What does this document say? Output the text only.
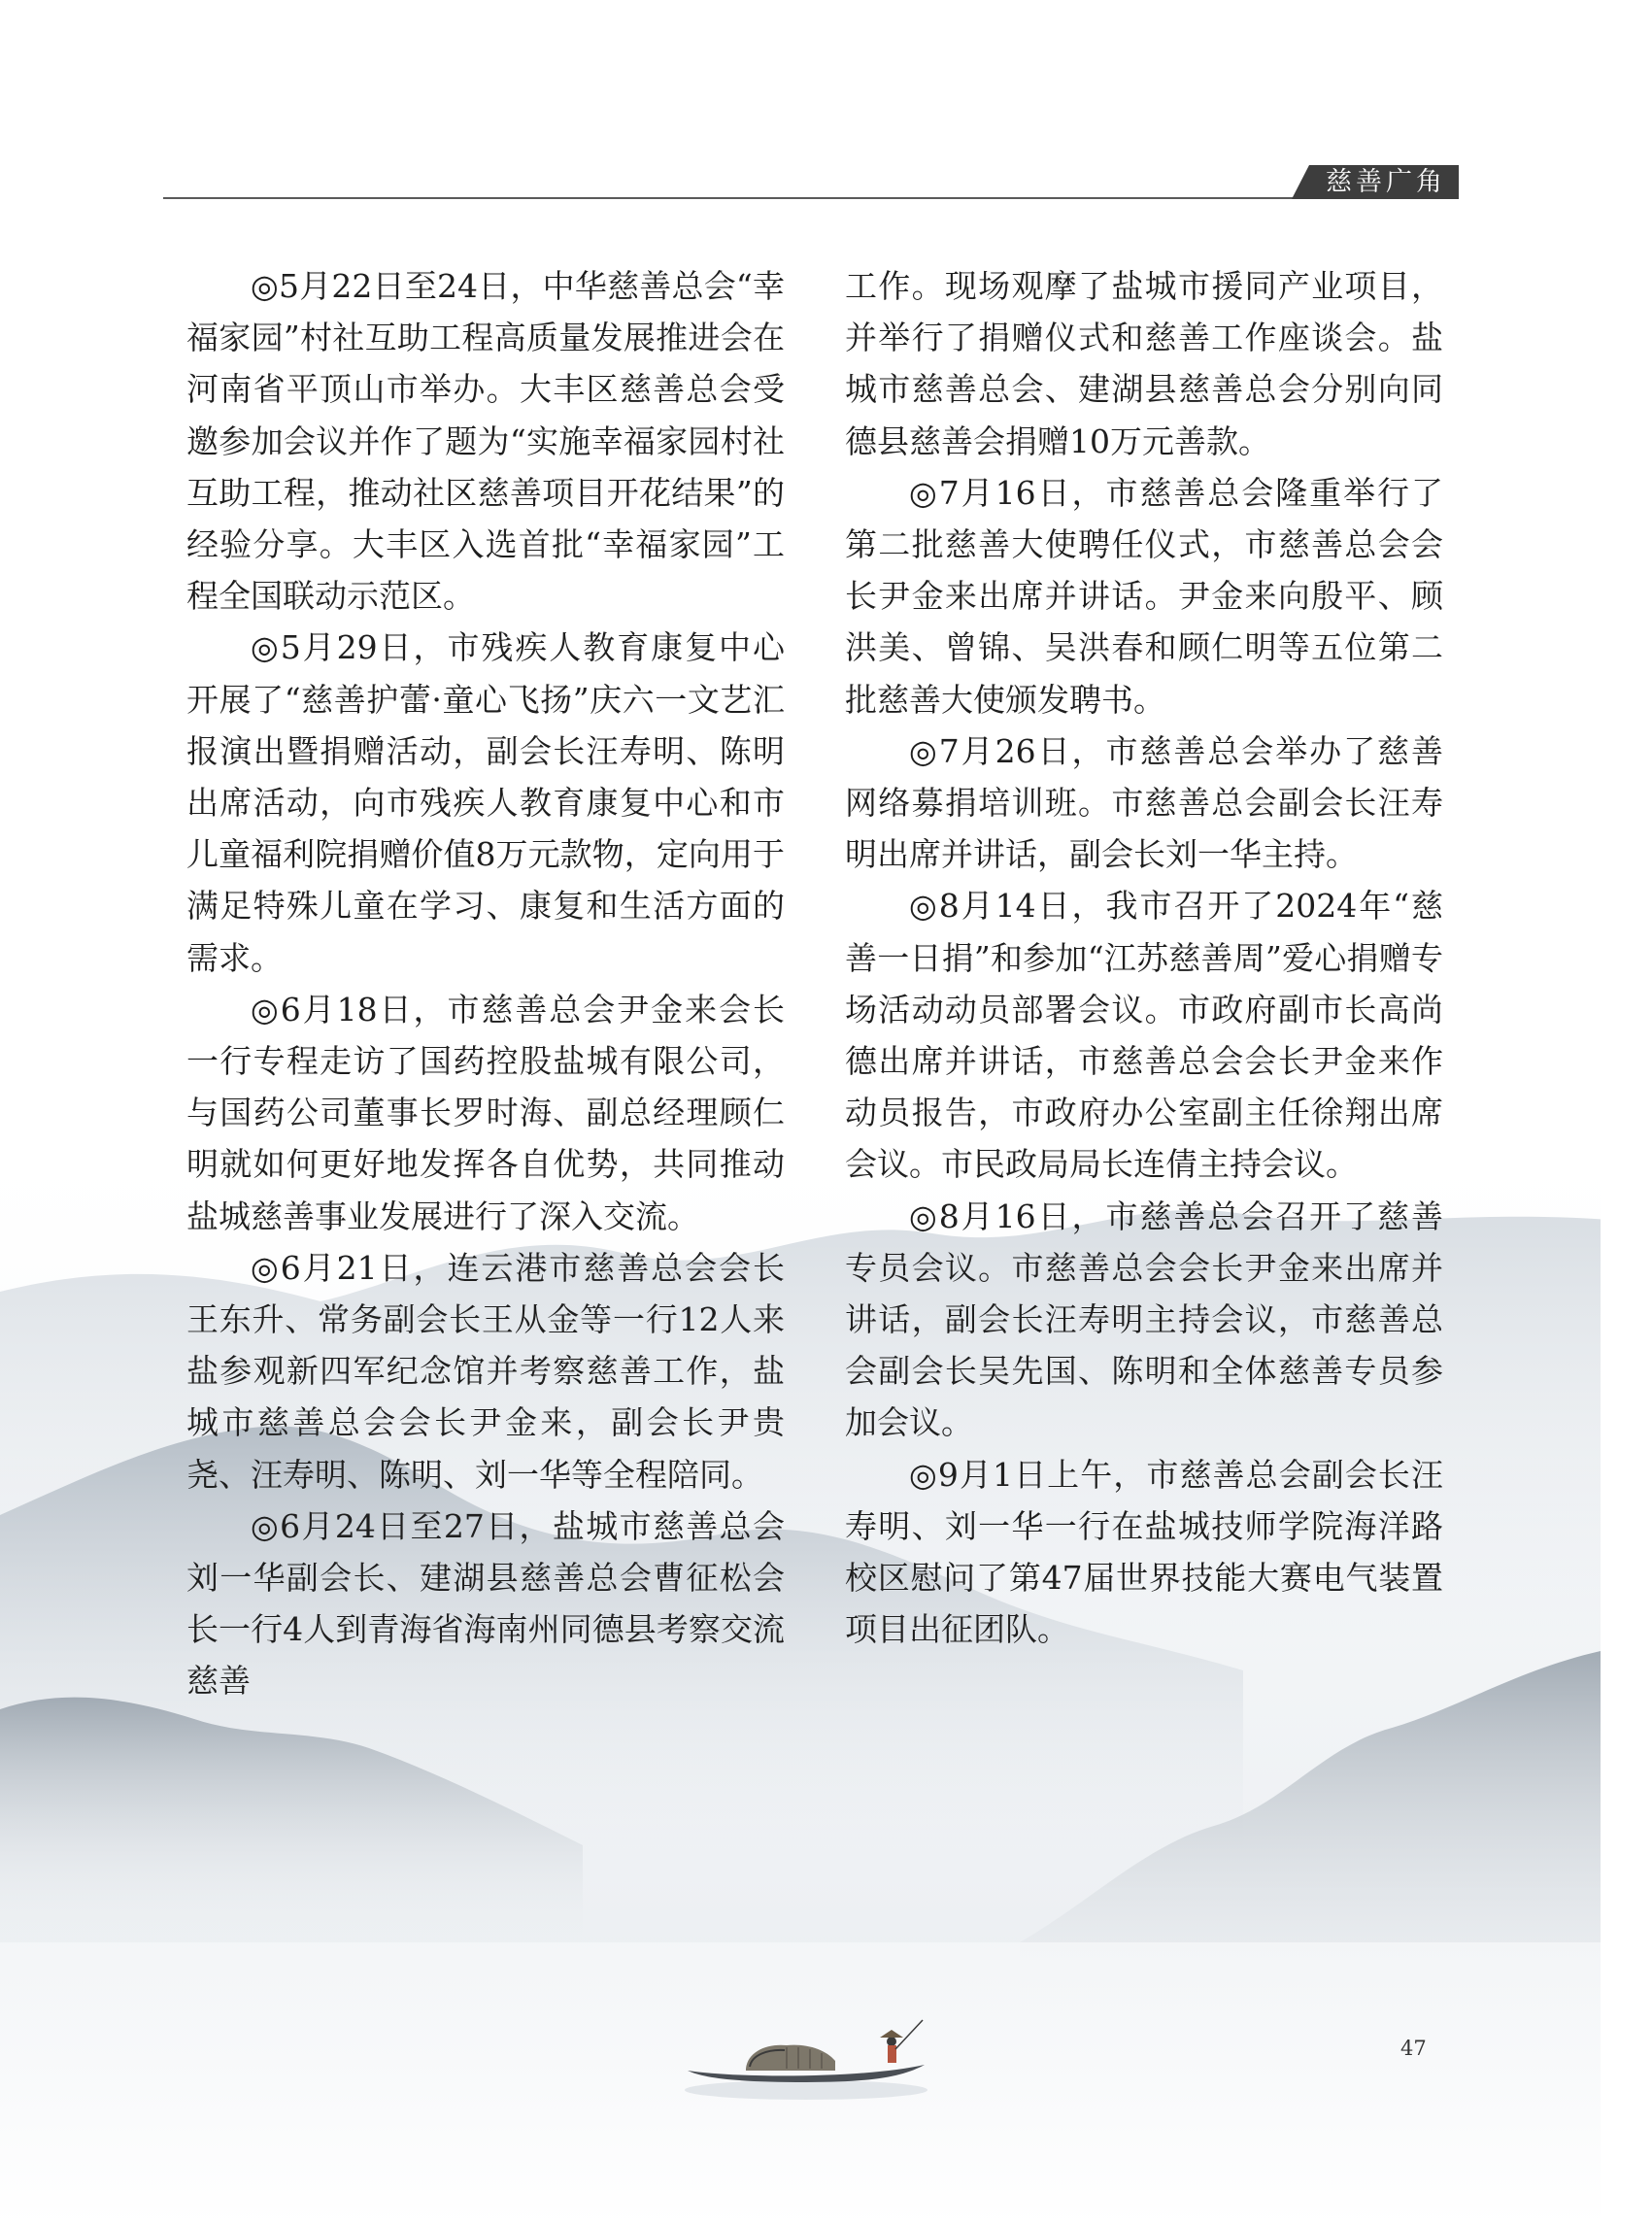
慈善广角

◎5月22日至24日，中华慈善总会“幸福家园”村社互助工程高质量发展推进会在河南省平顶山市举办。大丰区慈善总会受邀参加会议并作了题为“实施幸福家园村社互助工程，推动社区慈善项目开花结果”的经验分享。大丰区入选首批“幸福家园”工程全国联动示范区。

◎5月29日，市残疾人教育康复中心开展了“慈善护蕾·童心飞扬”庆六一文艺汇报演出暨捐赠活动，副会长汪寿明、陈明出席活动，向市残疾人教育康复中心和市儿童福利院捐赠价值8万元款物，定向用于满足特殊儿童在学习、康复和生活方面的需求。

◎6月18日，市慈善总会尹金来会长一行专程走访了国药控股盐城有限公司，与国药公司董事长罗时海、副总经理顾仁明就如何更好地发挥各自优势，共同推动盐城慈善事业发展进行了深入交流。

◎6月21日，连云港市慈善总会会长王东升、常务副会长王从金等一行12人来盐参观新四军纪念馆并考察慈善工作，盐城市慈善总会会长尹金来，副会长尹贵尧、汪寿明、陈明、刘一华等全程陪同。

◎6月24日至27日，盐城市慈善总会刘一华副会长、建湖县慈善总会曹征松会长一行4人到青海省海南州同德县考察交流慈善

工作。现场观摩了盐城市援同产业项目，并举行了捐赠仪式和慈善工作座谈会。盐城市慈善总会、建湖县慈善总会分别向同德县慈善会捐赠10万元善款。

◎7月16日，市慈善总会隆重举行了第二批慈善大使聘任仪式，市慈善总会会长尹金来出席并讲话。尹金来向殷平、顾洪美、曾锦、吴洪春和顾仁明等五位第二批慈善大使颁发聘书。

◎7月26日，市慈善总会举办了慈善网络募捐培训班。市慈善总会副会长汪寿明出席并讲话，副会长刘一华主持。

◎8月14日，我市召开了2024年“慈善一日捐”和参加“江苏慈善周”爱心捐赠专场活动动员部署会议。市政府副市长高尚德出席并讲话，市慈善总会会长尹金来作动员报告，市政府办公室副主任徐翔出席会议。市民政局局长连倩主持会议。

◎8月16日，市慈善总会召开了慈善专员会议。市慈善总会会长尹金来出席并讲话，副会长汪寿明主持会议，市慈善总会副会长吴先国、陈明和全体慈善专员参加会议。

◎9月1日上午，市慈善总会副会长汪寿明、刘一华一行在盐城技师学院海洋路校区慰问了第47届世界技能大赛电气装置项目出征团队。

47
